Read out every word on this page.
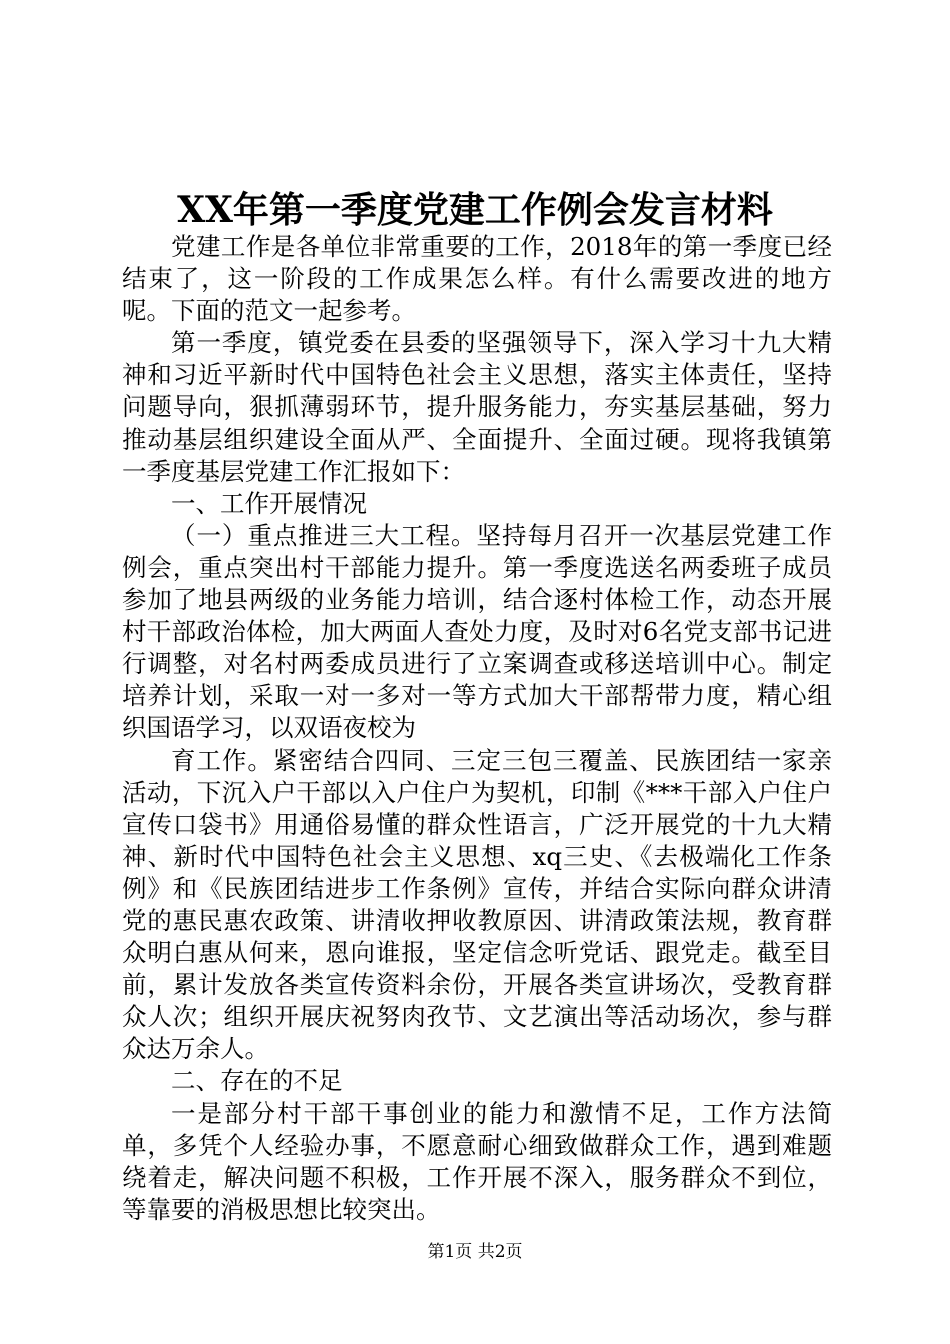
XX年第一季度党建工作例会发言材料

党建工作是各单位非常重要的工作，2018年的第一季度已经结束了，这一阶段的工作成果怎么样。有什么需要改进的地方呢。下面的范文一起参考。

第一季度，镇党委在县委的坚强领导下，深入学习十九大精神和习近平新时代中国特色社会主义思想，落实主体责任，坚持问题导向，狠抓薄弱环节，提升服务能力，夯实基层基础，努力推动基层组织建设全面从严、全面提升、全面过硬。现将我镇第一季度基层党建工作汇报如下：

一、工作开展情况

（一）重点推进三大工程。坚持每月召开一次基层党建工作例会，重点突出村干部能力提升。第一季度选送名两委班子成员参加了地县两级的业务能力培训，结合逐村体检工作，动态开展村干部政治体检，加大两面人查处力度，及时对6名党支部书记进行调整，对名村两委成员进行了立案调查或移送培训中心。制定培养计划，采取一对一多对一等方式加大干部帮带力度，精心组织国语学习，以双语夜校为

育工作。紧密结合四同、三定三包三覆盖、民族团结一家亲活动，下沉入户干部以入户住户为契机，印制《***干部入户住户宣传口袋书》用通俗易懂的群众性语言，广泛开展党的十九大精神、新时代中国特色社会主义思想、xq三史、《去极端化工作条例》和《民族团结进步工作条例》宣传，并结合实际向群众讲清党的惠民惠农政策、讲清收押收教原因、讲清政策法规，教育群众明白惠从何来，恩向谁报，坚定信念听党话、跟党走。截至目前，累计发放各类宣传资料余份，开展各类宣讲场次，受教育群众人次；组织开展庆祝努肉孜节、文艺演出等活动场次，参与群众达万余人。

二、存在的不足

一是部分村干部干事创业的能力和激情不足，工作方法简单，多凭个人经验办事，不愿意耐心细致做群众工作，遇到难题绕着走，解决问题不积极，工作开展不深入，服务群众不到位，等靠要的消极思想比较突出。

第1页 共2页
